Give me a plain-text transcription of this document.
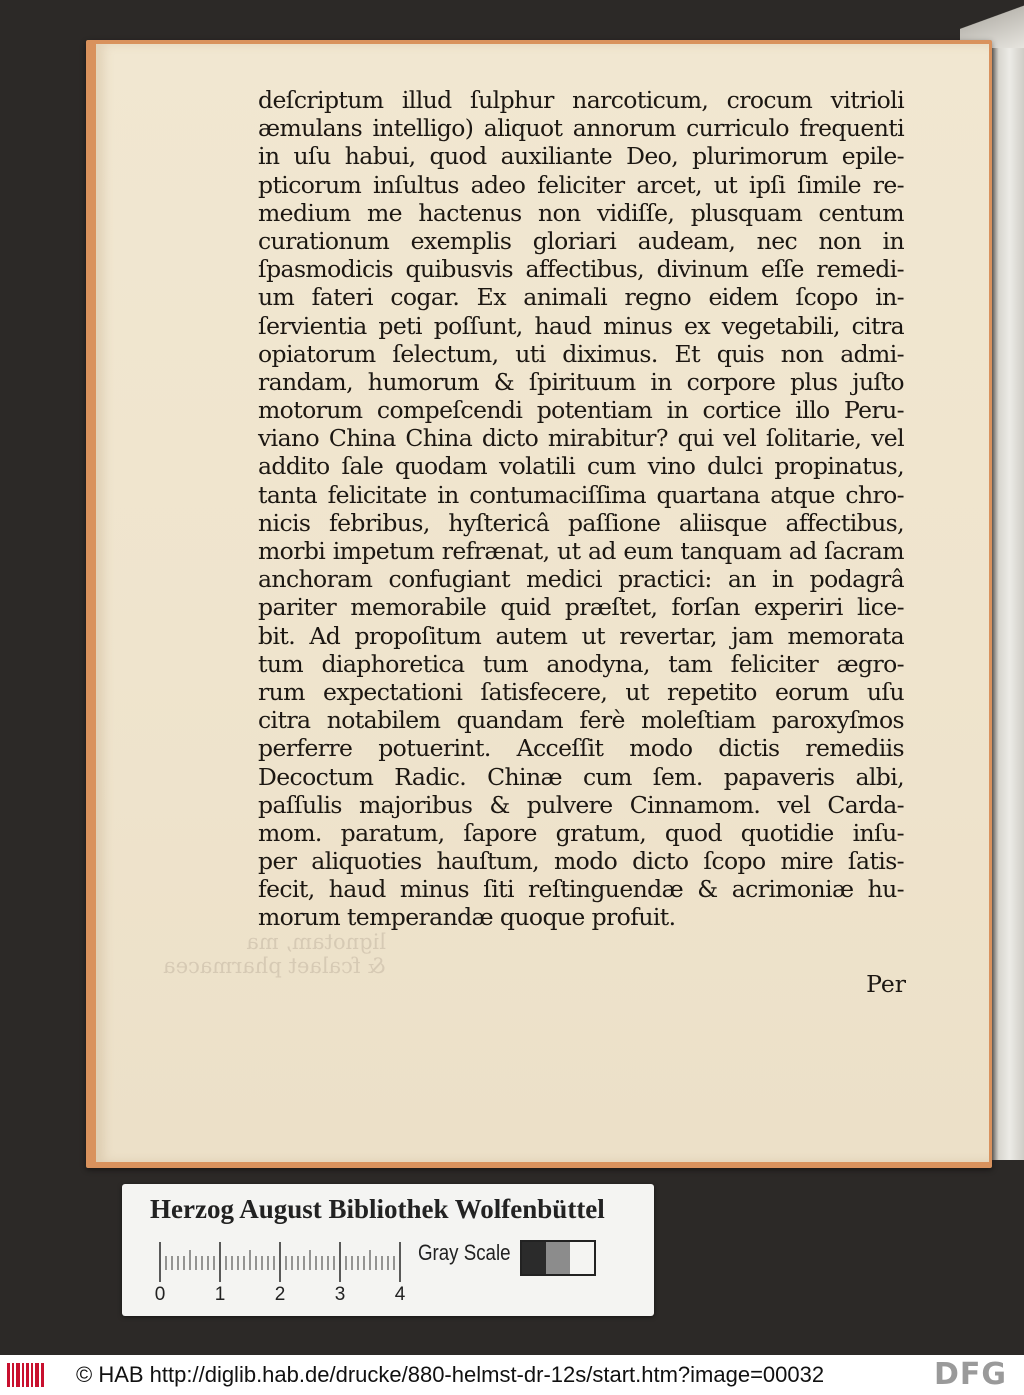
lignotam, ma
& fcalaet pharmacea
deſcriptum illud ſulphur narcoticum, crocum vitrioli
æmulans intelligo) aliquot annorum curriculo frequenti
in uſu habui, quod auxiliante Deo, plurimorum epile-
pticorum inſultus adeo feliciter arcet, ut ipſi ſimile re-
medium me hactenus non vidiſſe, plusquam centum
curationum exemplis gloriari audeam, nec non in
ſpasmodicis quibusvis affectibus, divinum eſſe remedi-
um fateri cogar. Ex animali regno eidem ſcopo in-
ſervientia peti poſſunt, haud minus ex vegetabili, citra
opiatorum ſelectum, uti diximus. Et quis non admi-
randam, humorum & ſpirituum in corpore plus juſto
motorum compeſcendi potentiam in cortice illo Peru-
viano China China dicto mirabitur? qui vel ſolitarie, vel
addito ſale quodam volatili cum vino dulci propinatus,
tanta felicitate in contumaciſſima quartana atque chro-
nicis febribus, hyſtericâ paſſione aliisque affectibus,
morbi impetum refrænat, ut ad eum tanquam ad ſacram
anchoram confugiant medici practici: an in podagrâ
pariter memorabile quid præſtet, forſan experiri lice-
bit. Ad propoſitum autem ut revertar, jam memorata
tum diaphoretica tum anodyna, tam feliciter ægro-
rum expectationi ſatisfecere, ut repetito eorum uſu
citra notabilem quandam ferè moleſtiam paroxyſmos
perferre potuerint. Acceſſit modo dictis remediis
Decoctum Radic. Chinæ cum ſem. papaveris albi,
paſſulis majoribus & pulvere Cinnamom. vel Carda-
mom. paratum, ſapore gratum, quod quotidie inſu-
per aliquoties hauſtum, modo dicto ſcopo mire ſatis-
fecit, haud minus ſiti reſtinguendæ & acrimoniæ hu-
morum temperandæ quoque profuit.
Per
Herzog August Bibliothek Wolfenbüttel
0	1	2	3	4
Gray Scale
© HAB http://diglib.hab.de/drucke/880-helmst-dr-12s/start.htm?image=00032	DFG
